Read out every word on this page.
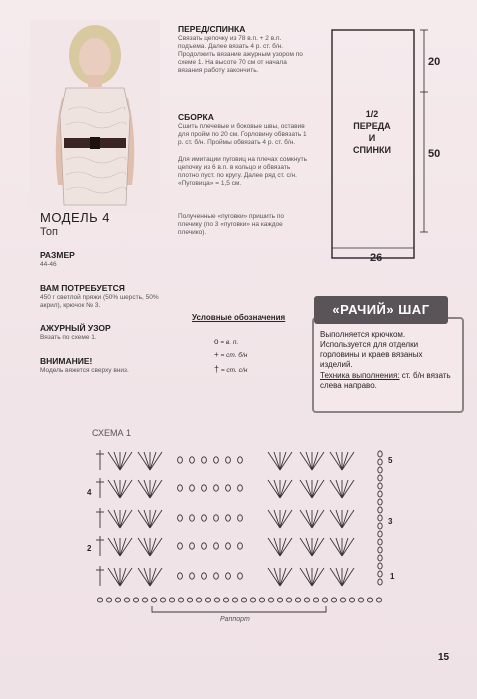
МОДЕЛЬ 4
Топ
РАЗМЕР
44-46
ВАМ ПОТРЕБУЕТСЯ
450 г светлой пряжи (50% шерсть, 50% акрил), крючок № 3.
АЖУРНЫЙ УЗОР
Вязать по схеме 1.
ВНИМАНИЕ!
Модель вяжется сверху вниз.
ПЕРЕД/СПИНКА
Связать цепочку из 78 в.п. + 2 в.п. подъема. Далее вязать 4 р. ст. б/н. Продолжить вязание ажурным узором по схеме 1. На высоте 70 см от начала вязания работу закончить.
СБОРКА
Сшить плечевые и боковые швы, оставив для пройм по 20 см. Горловину обвязать 1 р. ст. б/н. Проймы обвязать 4 р. ст. б/н.
Для имитации пуговиц на плечах сомкнуть цепочку из 6 в.п. в кольцо и обвязать плотно пуст. по кругу. Далее ряд ст. с/н. «Пуговица» = 1,5 см.
Полученные «пуговки» пришить по плечику (по 3 «пуговки» на каждое плечико).
1/2
ПЕРЕДА
И
СПИНКИ
20
50
26
Условные обозначения
o = в. п.
+ = ст. б/н
† = ст. с/н
«РАЧИЙ» ШАГ
Выполняется крючком. Используется для отделки горловины и краев вязаных изделий.
Техника выполнения: ст. б/н вязать слева направо.
СХЕМА 1
5
4
3
2
1
Раппорт
15
